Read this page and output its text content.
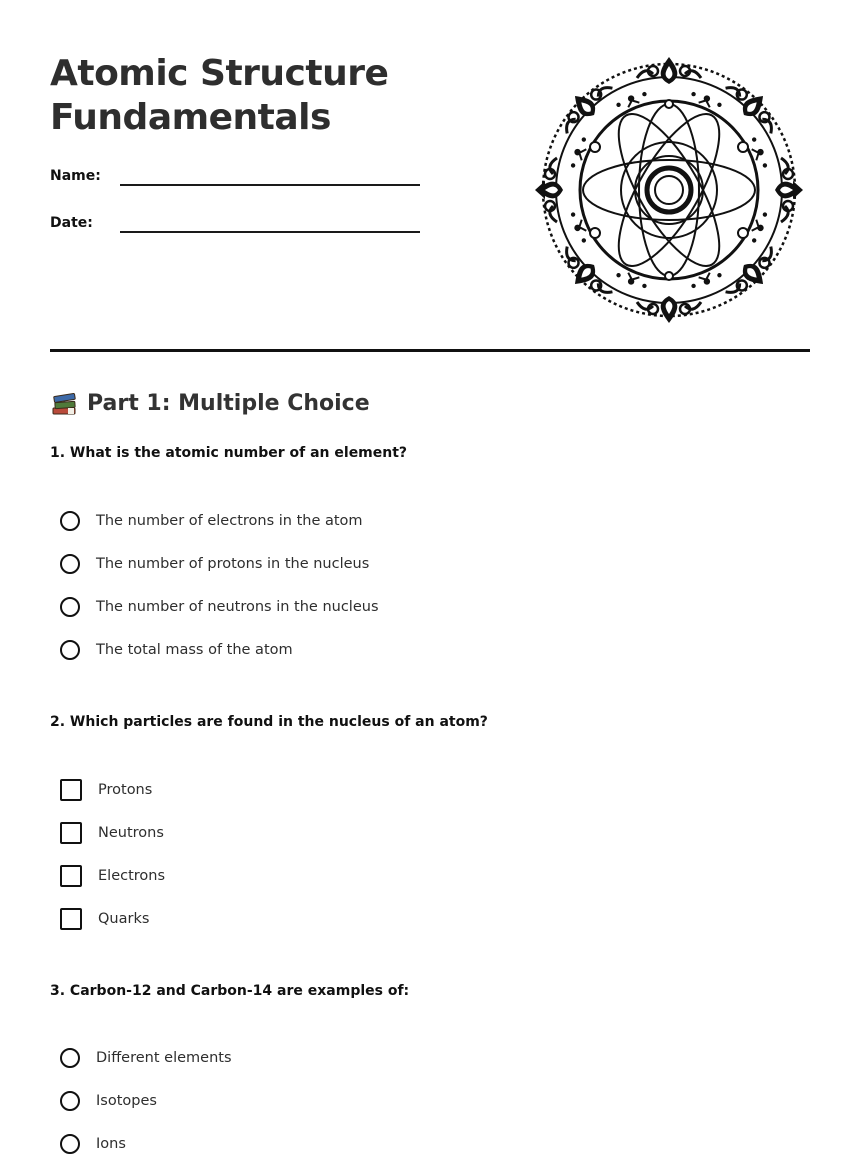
Atomic Structure
Fundamentals
Name:
Date:
Part 1: Multiple Choice

1. What is the atomic number of an element?

The number of electrons in the atom
The number of protons in the nucleus
The number of neutrons in the nucleus
The total mass of the atom

2. Which particles are found in the nucleus of an atom?

Protons
Neutrons
Electrons
Quarks

3. Carbon-12 and Carbon-14 are examples of:

Different elements
Isotopes
Ions
